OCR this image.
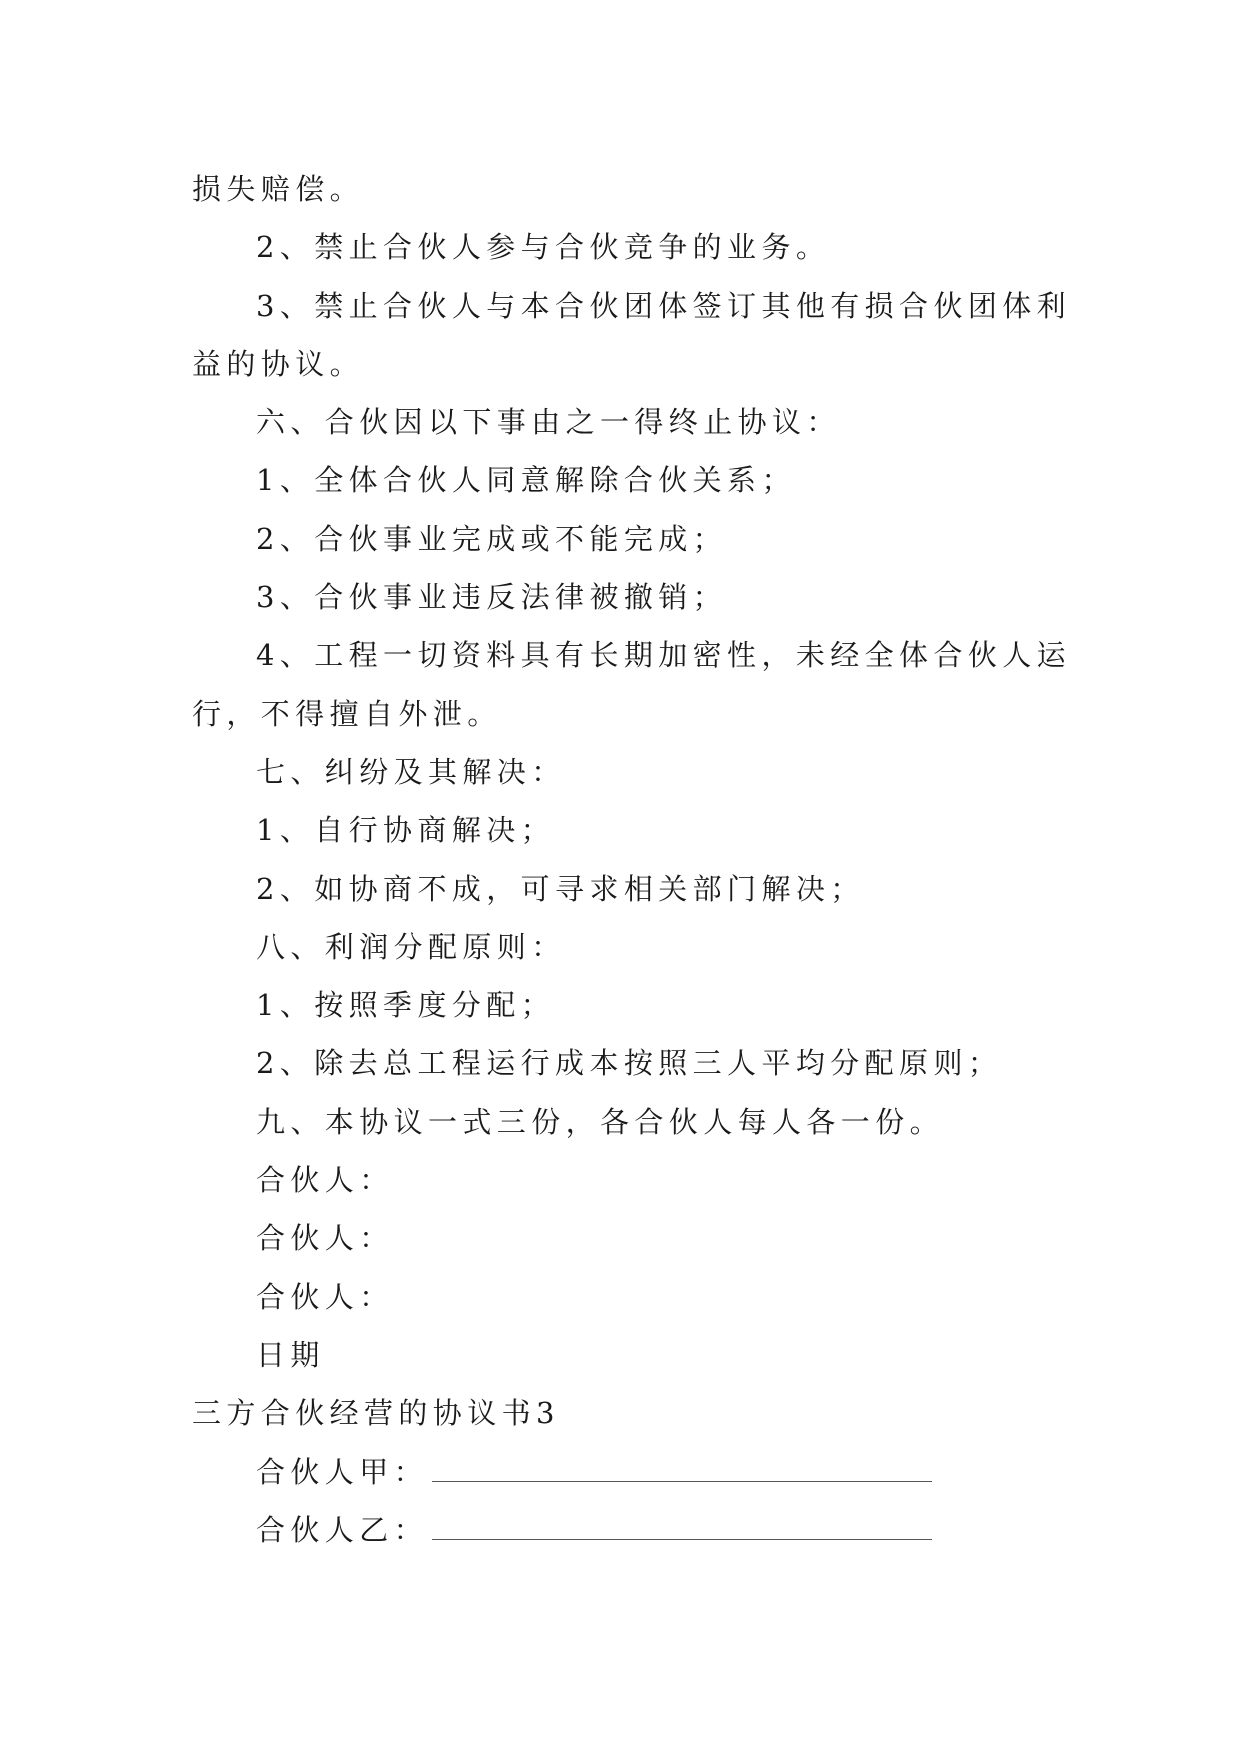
损失赔偿。

2、禁止合伙人参与合伙竞争的业务。

3、禁止合伙人与本合伙团体签订其他有损合伙团体利

益的协议。

六、合伙因以下事由之一得终止协议：

1、全体合伙人同意解除合伙关系；

2、合伙事业完成或不能完成；

3、合伙事业违反法律被撤销；

4、工程一切资料具有长期加密性，未经全体合伙人运

行，不得擅自外泄。

七、纠纷及其解决：

1、自行协商解决；

2、如协商不成，可寻求相关部门解决；

八、利润分配原则：

1、按照季度分配；

2、除去总工程运行成本按照三人平均分配原则；

九、本协议一式三份，各合伙人每人各一份。

合伙人：

合伙人：

合伙人：

日期

三方合伙经营的协议书3

合伙人甲：

合伙人乙：
